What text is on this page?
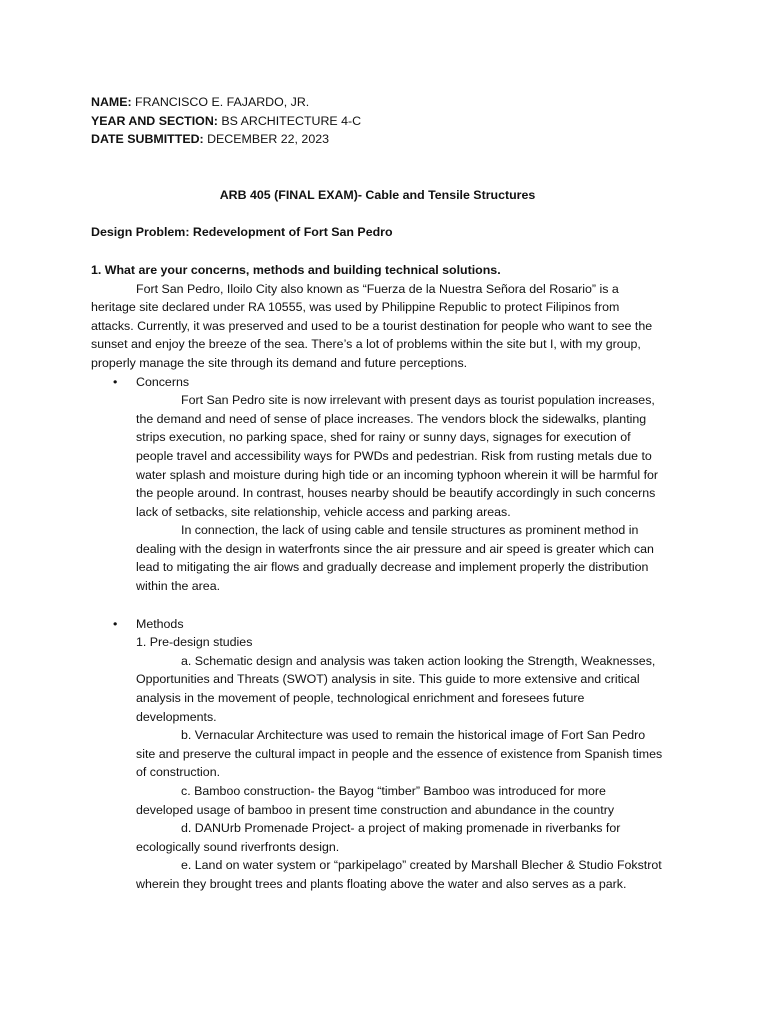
NAME: FRANCISCO E. FAJARDO, JR.

YEAR AND SECTION: BS ARCHITECTURE 4-C

DATE SUBMITTED: DECEMBER 22, 2023

ARB 405 (FINAL EXAM)- Cable and Tensile Structures

Design Problem: Redevelopment of Fort San Pedro

1. What are your concerns, methods and building technical solutions.

Fort San Pedro, Iloilo City also known as “Fuerza de la Nuestra Señora del Rosario” is a heritage site declared under RA 10555, was used by Philippine Republic to protect Filipinos from attacks. Currently, it was preserved and used to be a tourist destination for people who want to see the sunset and enjoy the breeze of the sea. There’s a lot of problems within the site but I, with my group, properly manage the site through its demand and future perceptions.

• Concerns

Fort San Pedro site is now irrelevant with present days as tourist population increases, the demand and need of sense of place increases. The vendors block the sidewalks, planting strips execution, no parking space, shed for rainy or sunny days, signages for execution of people travel and accessibility ways for PWDs and pedestrian. Risk from rusting metals due to water splash and moisture during high tide or an incoming typhoon wherein it will be harmful for the people around. In contrast, houses nearby should be beautify accordingly in such concerns lack of setbacks, site relationship, vehicle access and parking areas.

In connection, the lack of using cable and tensile structures as prominent method in dealing with the design in waterfronts since the air pressure and air speed is greater which can lead to mitigating the air flows and gradually decrease and implement properly the distribution within the area.

• Methods

1. Pre-design studies

a. Schematic design and analysis was taken action looking the Strength, Weaknesses, Opportunities and Threats (SWOT) analysis in site. This guide to more extensive and critical analysis in the movement of people, technological enrichment and foresees future developments.

b. Vernacular Architecture was used to remain the historical image of Fort San Pedro site and preserve the cultural impact in people and the essence of existence from Spanish times of construction.

c. Bamboo construction- the Bayog “timber” Bamboo was introduced for more developed usage of bamboo in present time construction and abundance in the country

d. DANUrb Promenade Project- a project of making promenade in riverbanks for ecologically sound riverfronts design.

e. Land on water system or “parkipelago” created by Marshall Blecher & Studio Fokstrot wherein they brought trees and plants floating above the water and also serves as a park.
